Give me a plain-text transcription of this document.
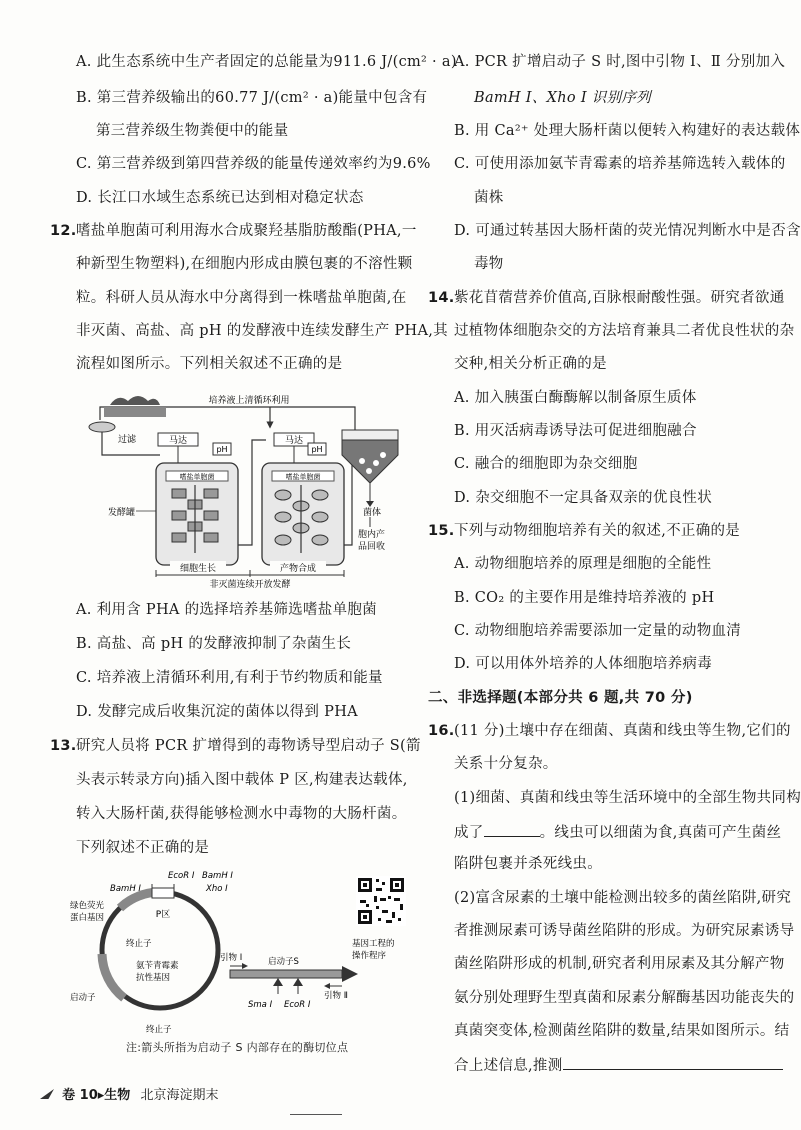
A. 此生态系统中生产者固定的总能量为911.6 J/(cm² · a)
B. 第三营养级输出的60.77 J/(cm² · a)能量中包含有
第三营养级生物粪便中的能量
C. 第三营养级到第四营养级的能量传递效率约为9.6%
D. 长江口水域生态系统已达到相对稳定状态
12. 嗜盐单胞菌可利用海水合成聚羟基脂肪酸酯(PHA,一
种新型生物塑料),在细胞内形成由膜包裹的不溶性颗
粒。科研人员从海水中分离得到一株嗜盐单胞菌,在
非灭菌、高盐、高 pH 的发酵液中连续发酵生产 PHA,其
流程如图所示。下列相关叙述不正确的是
培养液上清循环利用
过滤	马达
pH
嗜盐单胞菌
发酵罐
马达
pH
嗜盐单胞菌
菌体
胞内产
品回收
细胞生长	产物合成
非灭菌连续开放发酵
A. 利用含 PHA 的选择培养基筛选嗜盐单胞菌
B. 高盐、高 pH 的发酵液抑制了杂菌生长
C. 培养液上清循环利用,有利于节约物质和能量
D. 发酵完成后收集沉淀的菌体以得到 PHA
13. 研究人员将 PCR 扩增得到的毒物诱导型启动子 S(箭
头表示转录方向)插入图中载体 P 区,构建表达载体,
转入大肠杆菌,获得能够检测水中毒物的大肠杆菌。
下列叙述不正确的是
P区
EcoR Ⅰ BamH Ⅰ
BamH Ⅰ	Xho Ⅰ
绿色荧光
蛋白基因
终止子
氨苄青霉素
抗性基因
启动子
终止子
引物 Ⅰ	启动子S
Sma Ⅰ EcoR Ⅰ
引物 Ⅱ
基因工程的
操作程序
注:箭头所指为启动子 S 内部存在的酶切位点
A. PCR 扩增启动子 S 时,图中引物 Ⅰ、Ⅱ 分别加入
BamH Ⅰ、Xho Ⅰ 识别序列
B. 用 Ca²⁺ 处理大肠杆菌以便转入构建好的表达载体
C. 可使用添加氨苄青霉素的培养基筛选转入载体的
菌株
D. 可通过转基因大肠杆菌的荧光情况判断水中是否含
毒物
14. 紫花苜蓿营养价值高,百脉根耐酸性强。研究者欲通
过植物体细胞杂交的方法培育兼具二者优良性状的杂
交种,相关分析正确的是
A. 加入胰蛋白酶酶解以制备原生质体
B. 用灭活病毒诱导法可促进细胞融合
C. 融合的细胞即为杂交细胞
D. 杂交细胞不一定具备双亲的优良性状
15. 下列与动物细胞培养有关的叙述,不正确的是
A. 动物细胞培养的原理是细胞的全能性
B. CO₂ 的主要作用是维持培养液的 pH
C. 动物细胞培养需要添加一定量的动物血清
D. 可以用体外培养的人体细胞培养病毒
二、非选择题(本部分共 6 题,共 70 分)
16. (11 分)土壤中存在细菌、真菌和线虫等生物,它们的
关系十分复杂。
(1)细菌、真菌和线虫等生活环境中的全部生物共同构
成了	。线虫可以细菌为食,真菌可产生菌丝
陷阱包裹并杀死线虫。
(2)富含尿素的土壤中能检测出较多的菌丝陷阱,研究
者推测尿素可诱导菌丝陷阱的形成。为研究尿素诱导
菌丝陷阱形成的机制,研究者利用尿素及其分解产物
氨分别处理野生型真菌和尿素分解酶基因功能丧失的
真菌突变体,检测菌丝陷阱的数量,结果如图所示。结
合上述信息,推测
卷 10▸生物 北京海淀期末
